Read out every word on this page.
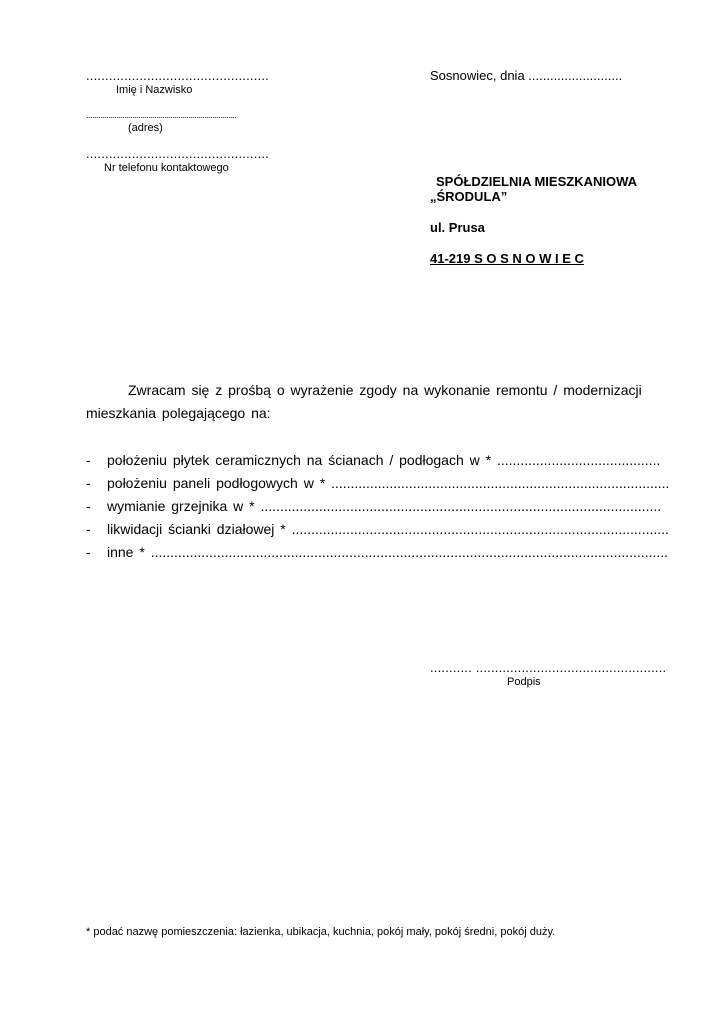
................................................
Imię i Nazwisko
...........................................................................
(adres)
................................................
Nr telefonu kontaktowego
Sosnowiec, dnia ..........................
SPÓŁDZIELNIA MIESZKANIOWA
„ŚRODULA”
ul. Prusa
41-219 S O S N O W I E C
Zwracam się z prośbą o wyrażenie zgody na wykonanie remontu / modernizacji
mieszkania polegającego na:
- położeniu płytek ceramicznych na ścianach / podłogach w * ..........................................
- położeniu paneli podłogowych w * .......................................................................................
- wymianie grzejnika w * .......................................................................................................
- likwidacji ścianki działowej * .................................................................................................
- inne * .....................................................................................................................................
........... ..................................................
Podpis
* podać nazwę pomieszczenia: łazienka, ubikacja, kuchnia, pokój mały, pokój średni, pokój duży.
